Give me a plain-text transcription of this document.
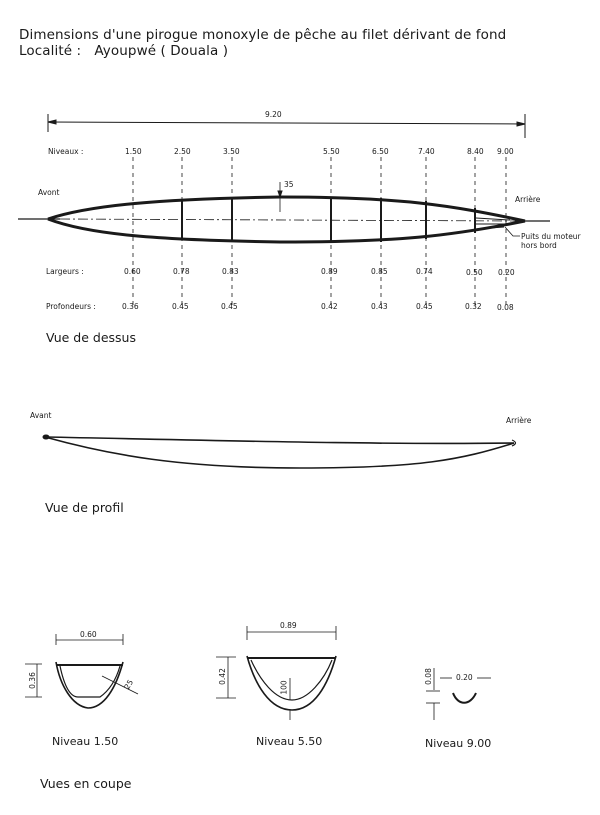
Dimensions d'une pirogue monoxyle de pêche au filet dérivant de fond
Localité : Ayoupwé ( Douala )
9.20
35
Niveaux :	1.50	2.50	3.50	5.50	6.50	7.40	8.40 9.00
Avont
Arrière
Puits du moteur
hors bord
Largeurs :	0.60	0.78	0.83	0.89	0.85	0.74	0.50 0.20
Profondeurs :	0.36	0.45	0.45	0.42	0.43	0.45	0.32 0.08
Vue de dessus
Avant
Arrière
Vue de profil
0.60
0.36	25
Niveau 1.50
0.89
0.42
100
Niveau 5.50
0.20
0.08
Niveau 9.00
Vues en coupe
